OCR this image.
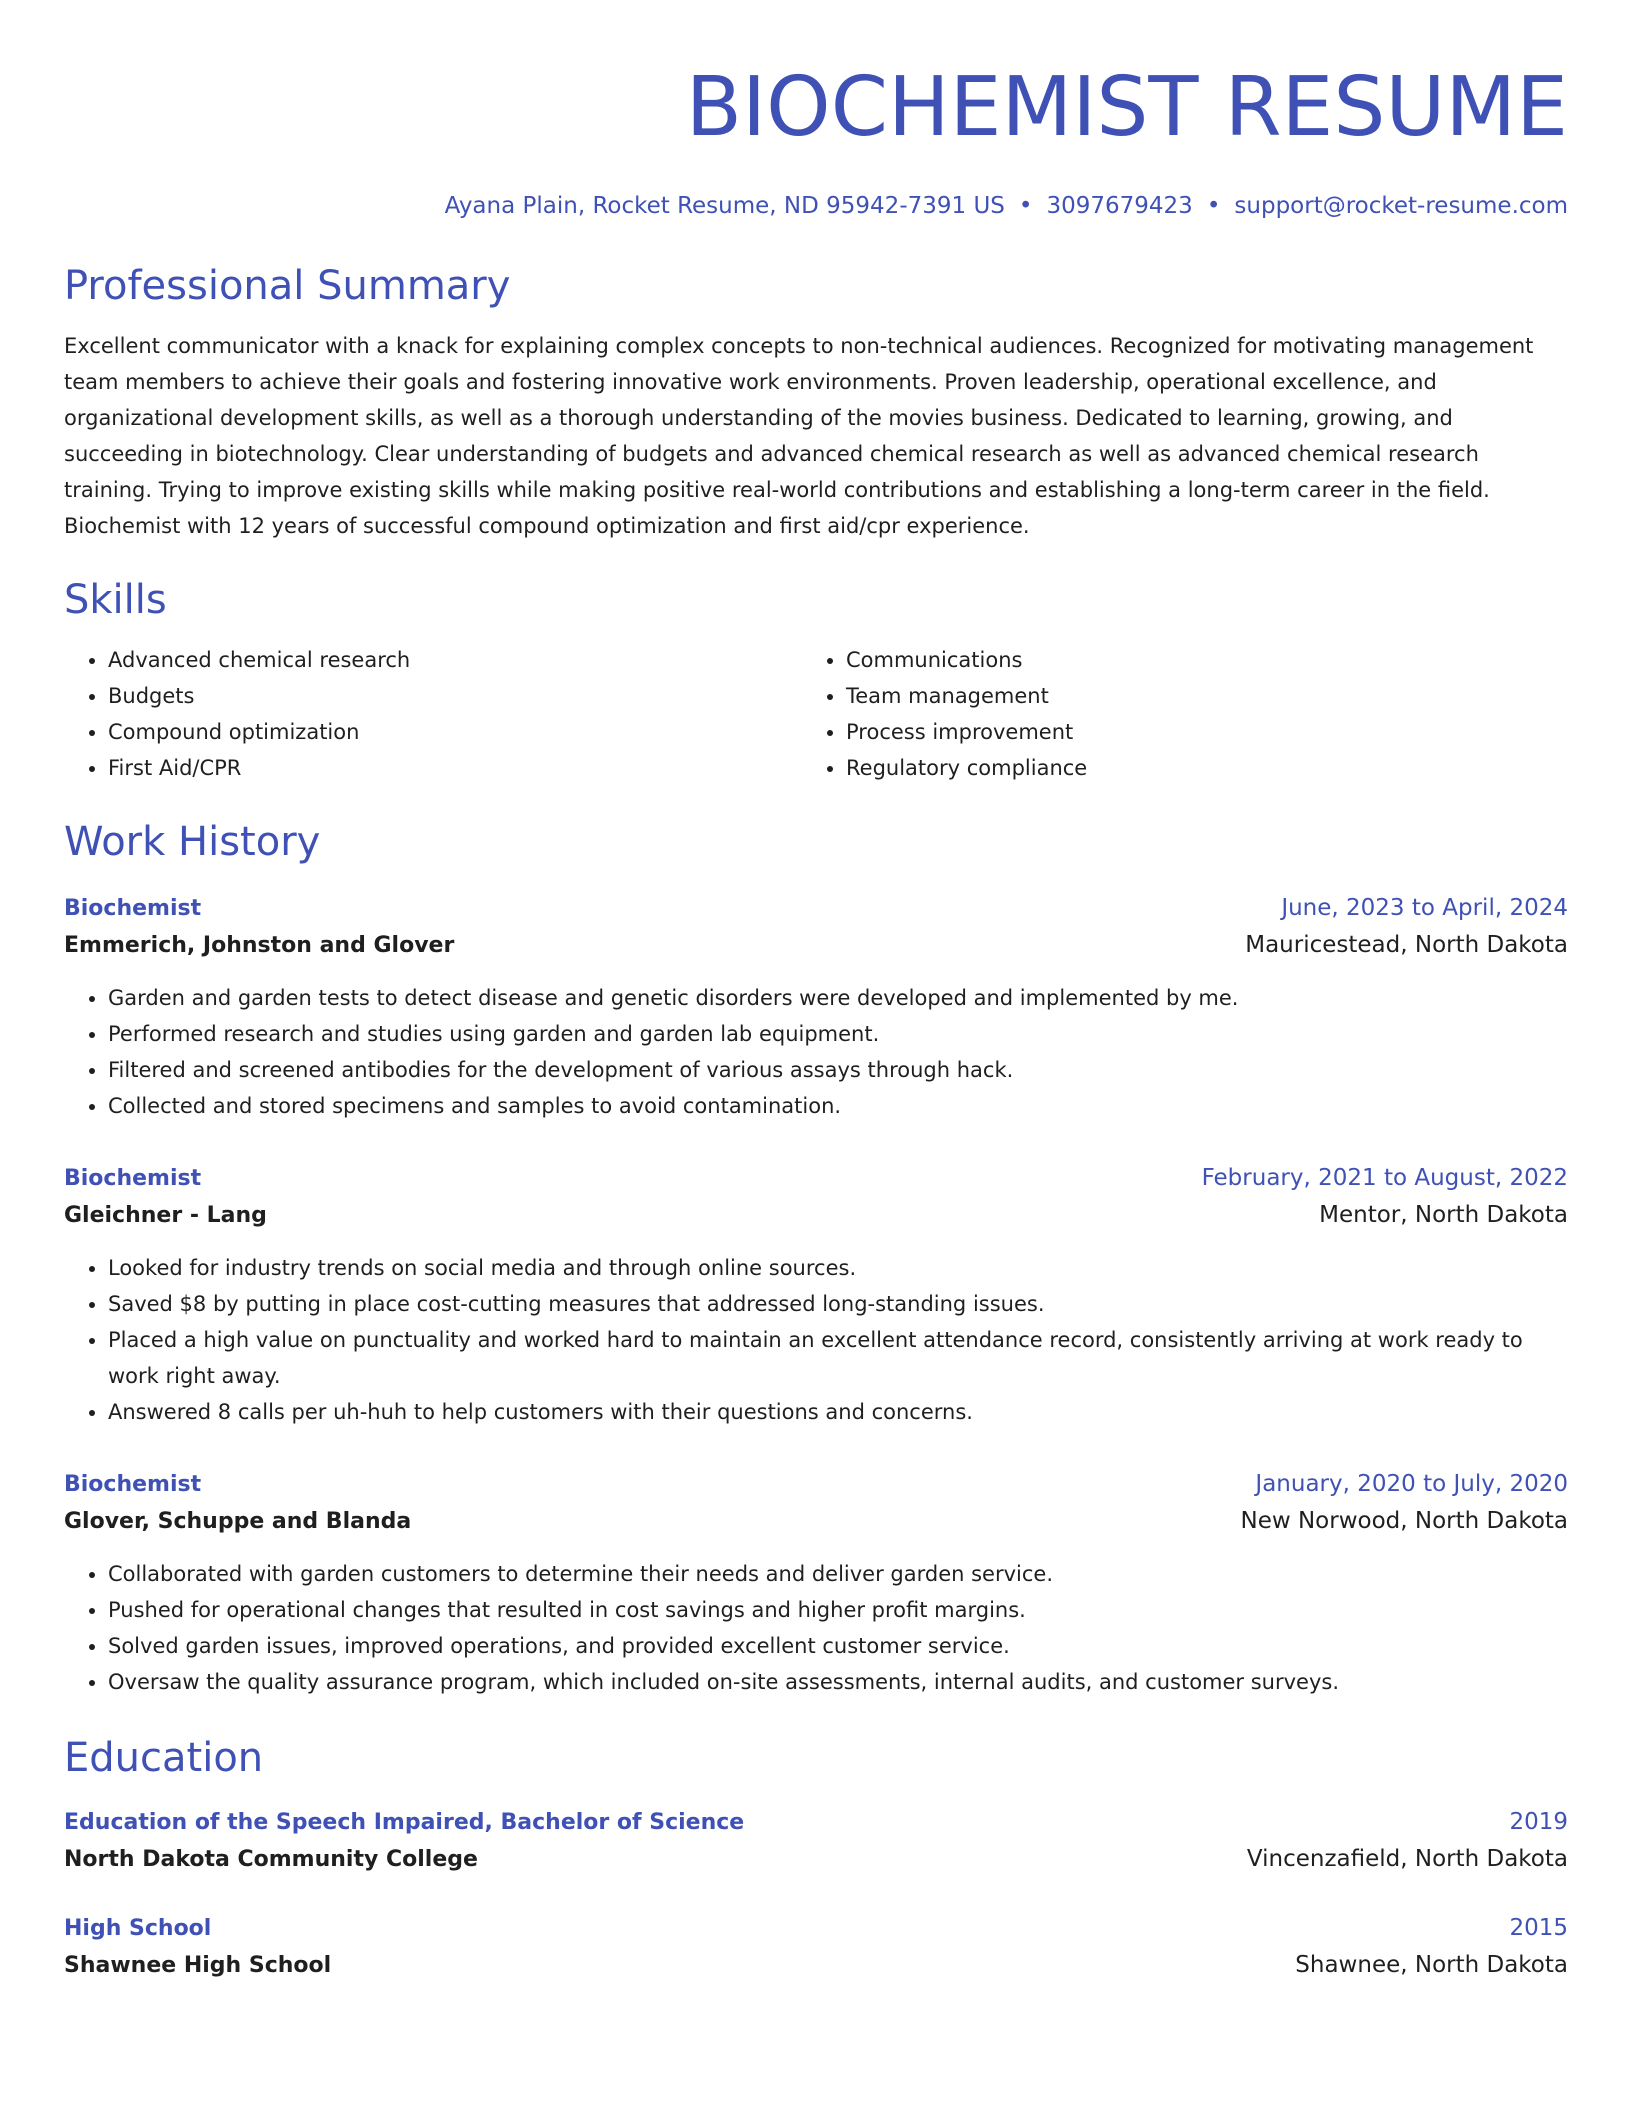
BIOCHEMIST RESUME
Ayana Plain, Rocket Resume, ND 95942-7391 US • 3097679423 • support@rocket-resume.com
Professional Summary
Excellent communicator with a knack for explaining complex concepts to non-technical audiences. Recognized for motivating management team members to achieve their goals and fostering innovative work environments. Proven leadership, operational excellence, and organizational development skills, as well as a thorough understanding of the movies business. Dedicated to learning, growing, and succeeding in biotechnology. Clear understanding of budgets and advanced chemical research as well as advanced chemical research training. Trying to improve existing skills while making positive real-world contributions and establishing a long-term career in the field. Biochemist with 12 years of successful compound optimization and first aid/cpr experience.
Skills
• Advanced chemical research
• Budgets
• Compound optimization
• First Aid/CPR
• Communications
• Team management
• Process improvement
• Regulatory compliance
Work History
Biochemist	June, 2023 to April, 2024
Emmerich, Johnston and Glover	Mauricestead, North Dakota
• Garden and garden tests to detect disease and genetic disorders were developed and implemented by me.
• Performed research and studies using garden and garden lab equipment.
• Filtered and screened antibodies for the development of various assays through hack.
• Collected and stored specimens and samples to avoid contamination.
Biochemist	February, 2021 to August, 2022
Gleichner - Lang	Mentor, North Dakota
• Looked for industry trends on social media and through online sources.
• Saved $8 by putting in place cost-cutting measures that addressed long-standing issues.
• Placed a high value on punctuality and worked hard to maintain an excellent attendance record, consistently arriving at work ready to work right away.
• Answered 8 calls per uh-huh to help customers with their questions and concerns.
Biochemist	January, 2020 to July, 2020
Glover, Schuppe and Blanda	New Norwood, North Dakota
• Collaborated with garden customers to determine their needs and deliver garden service.
• Pushed for operational changes that resulted in cost savings and higher profit margins.
• Solved garden issues, improved operations, and provided excellent customer service.
• Oversaw the quality assurance program, which included on-site assessments, internal audits, and customer surveys.
Education
Education of the Speech Impaired, Bachelor of Science	2019
North Dakota Community College	Vincenzafield, North Dakota
High School	2015
Shawnee High School	Shawnee, North Dakota
